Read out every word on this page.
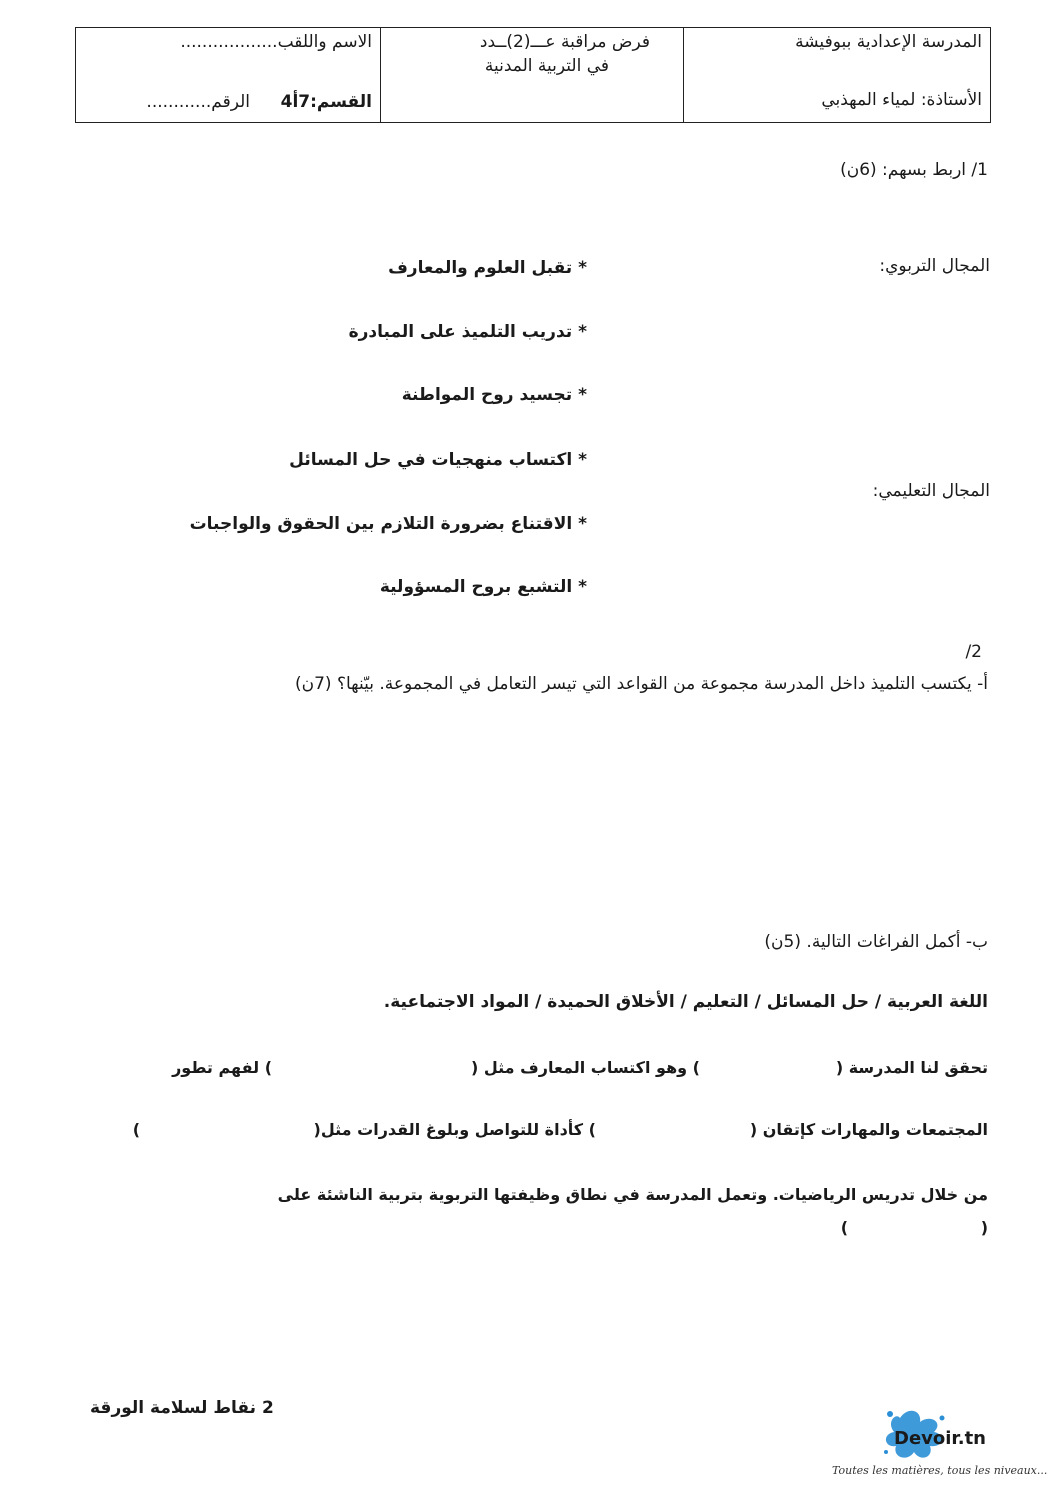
المدرسة الإعدادية ببوفيشة
الأستاذة: لمياء المهذبي
فرض مراقبة عـــ(2)ــدد
في التربية المدنية
الاسم واللقب..................
القسم:7أ4
الرقم............
1/ اربط بسهم: (6ن)
المجال التربوي:
المجال التعليمي:
* تقبل العلوم والمعارف
* تدريب التلميذ على المبادرة
* تجسيد روح المواطنة
* اكتساب منهجيات في حل المسائل
* الاقتناع بضرورة التلازم بين الحقوق والواجبات
* التشبع بروح المسؤولية
2/
أ- يكتسب التلميذ داخل المدرسة مجموعة من القواعد التي تيسر التعامل في المجموعة. بيّنها؟ (7ن)
ب- أكمل الفراغات التالية. (5ن)
اللغة العربية / حل المسائل / التعليم / الأخلاق الحميدة / المواد الاجتماعية.
تحقق لنا المدرسة (
) وهو اكتساب المعارف مثل (
) لفهم تطور
المجتمعات والمهارات كإتقان (
) كأداة للتواصل وبلوغ القدرات مثل(
)
من خلال تدريس الرياضيات. وتعمل المدرسة في نطاق وظيفتها التربوية بتربية الناشئة على
(
)
2 نقاط لسلامة الورقة
Devoir.tn
Toutes les matières, tous les niveaux...
